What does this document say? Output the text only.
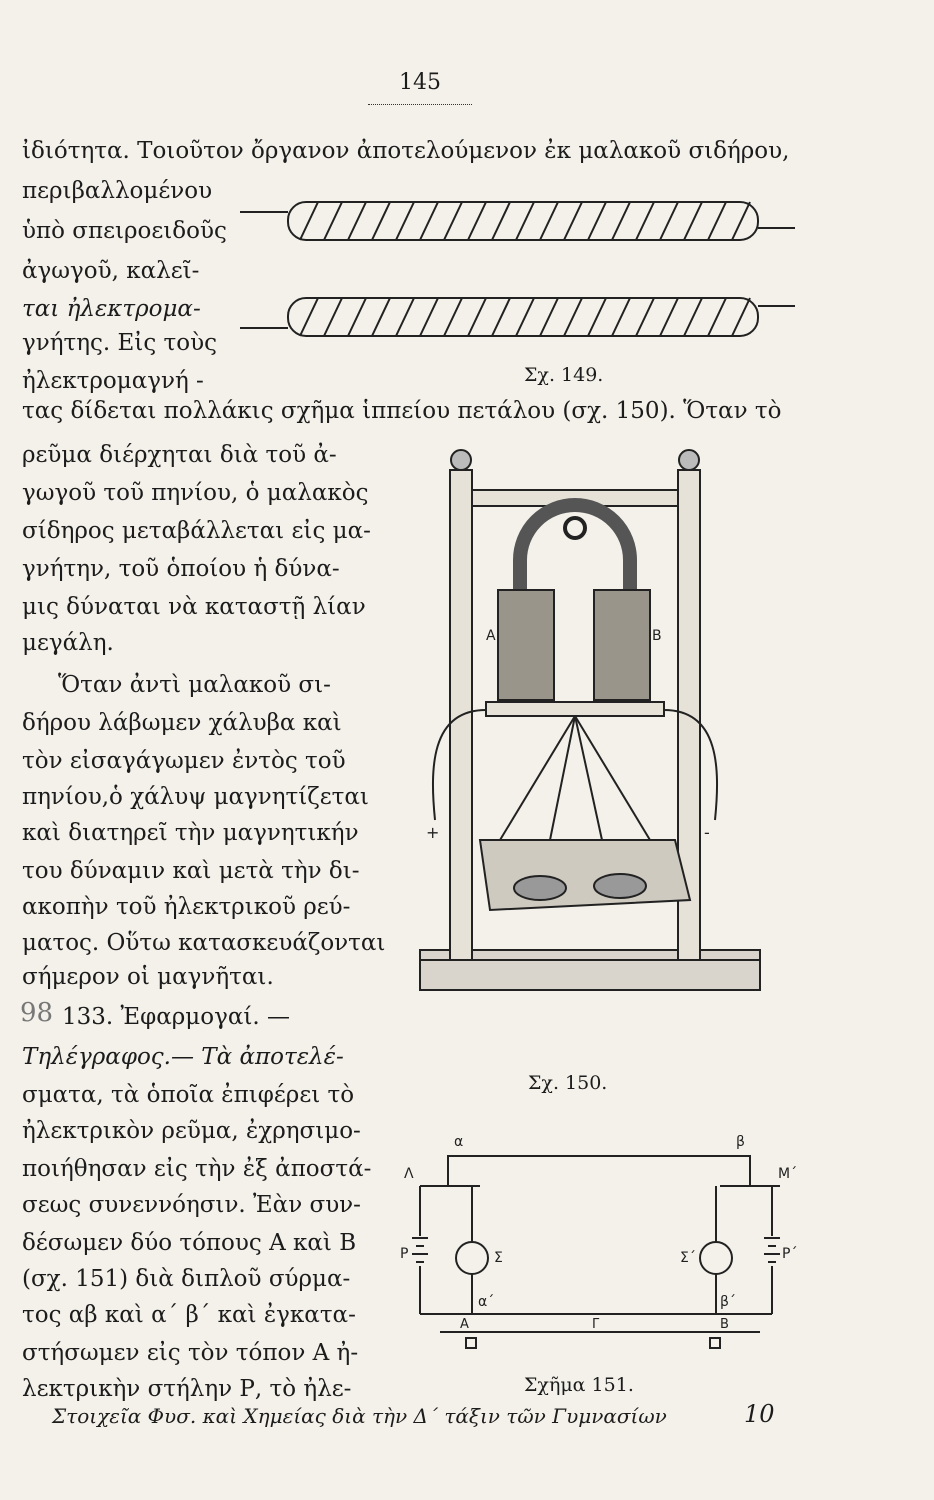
145
ἰδιότητα. Τοιοῦτον ὄργανον ἀποτελούμενον ἐκ μαλακοῦ σιδήρου,
περιβαλλομένου
ὑπὸ σπειροειδοῦς
ἀγωγοῦ, καλεῖ-
ται ἠλεκτρομα-
γνήτης. Εἰς τοὺς
ἠλεκτρομαγνή -
τας δίδεται πολλάκις σχῆμα ἱππείου πετάλου (σχ. 150). Ὅταν τὸ
ρεῦμα διέρχηται διὰ τοῦ ἀ-
γωγοῦ τοῦ πηνίου, ὁ μαλακὸς
σίδηρος μεταβάλλεται εἰς μα-
γνήτην, τοῦ ὁποίου ἡ δύνα-
μις δύναται νὰ καταστῇ λίαν
μεγάλη.
Ὅταν ἀντὶ μαλακοῦ σι-
δήρου λάβωμεν χάλυβα καὶ
τὸν εἰσαγάγωμεν ἐντὸς τοῦ
πηνίου,ὁ χάλυψ μαγνητίζεται
καὶ διατηρεῖ τὴν μαγνητικήν
του δύναμιν καὶ μετὰ τὴν δι-
ακοπὴν τοῦ ἠλεκτρικοῦ ρεύ-
ματος. Οὕτω κατασκευάζονται
σήμερον οἱ μαγνῆται.
98 133. Ἐφαρμογαί. —
Τηλέγραφος.— Τὰ ἀποτελέ-
σματα, τὰ ὁποῖα ἐπιφέρει τὸ
ἠλεκτρικὸν ρεῦμα, ἐχρησιμο-
ποιήθησαν εἰς τὴν ἐξ ἀποστά-
σεως συνεννόησιν. Ἐὰν συν-
δέσωμεν δύο τόπους Α καὶ Β
(σχ. 151) διὰ διπλοῦ σύρμα-
τος αβ καὶ α΄ β΄ καὶ ἐγκατα-
στήσωμεν εἰς τὸν τόπον Α ἠ-
λεκτρικὴν στήλην Ρ, τὸ ἠλε-
Σχ. 149.
Α	Β
+	-
Σχ. 150.
α	β
Λ	Μ΄
Ρ	Ρ΄
Σ	Σ΄
α΄	β΄
Α	Γ	Β
Σχῆμα 151.
Στοιχεῖα Φυσ. καὶ Χημείας διὰ τὴν Δ΄ τάξιν τῶν Γυμνασίων	10
